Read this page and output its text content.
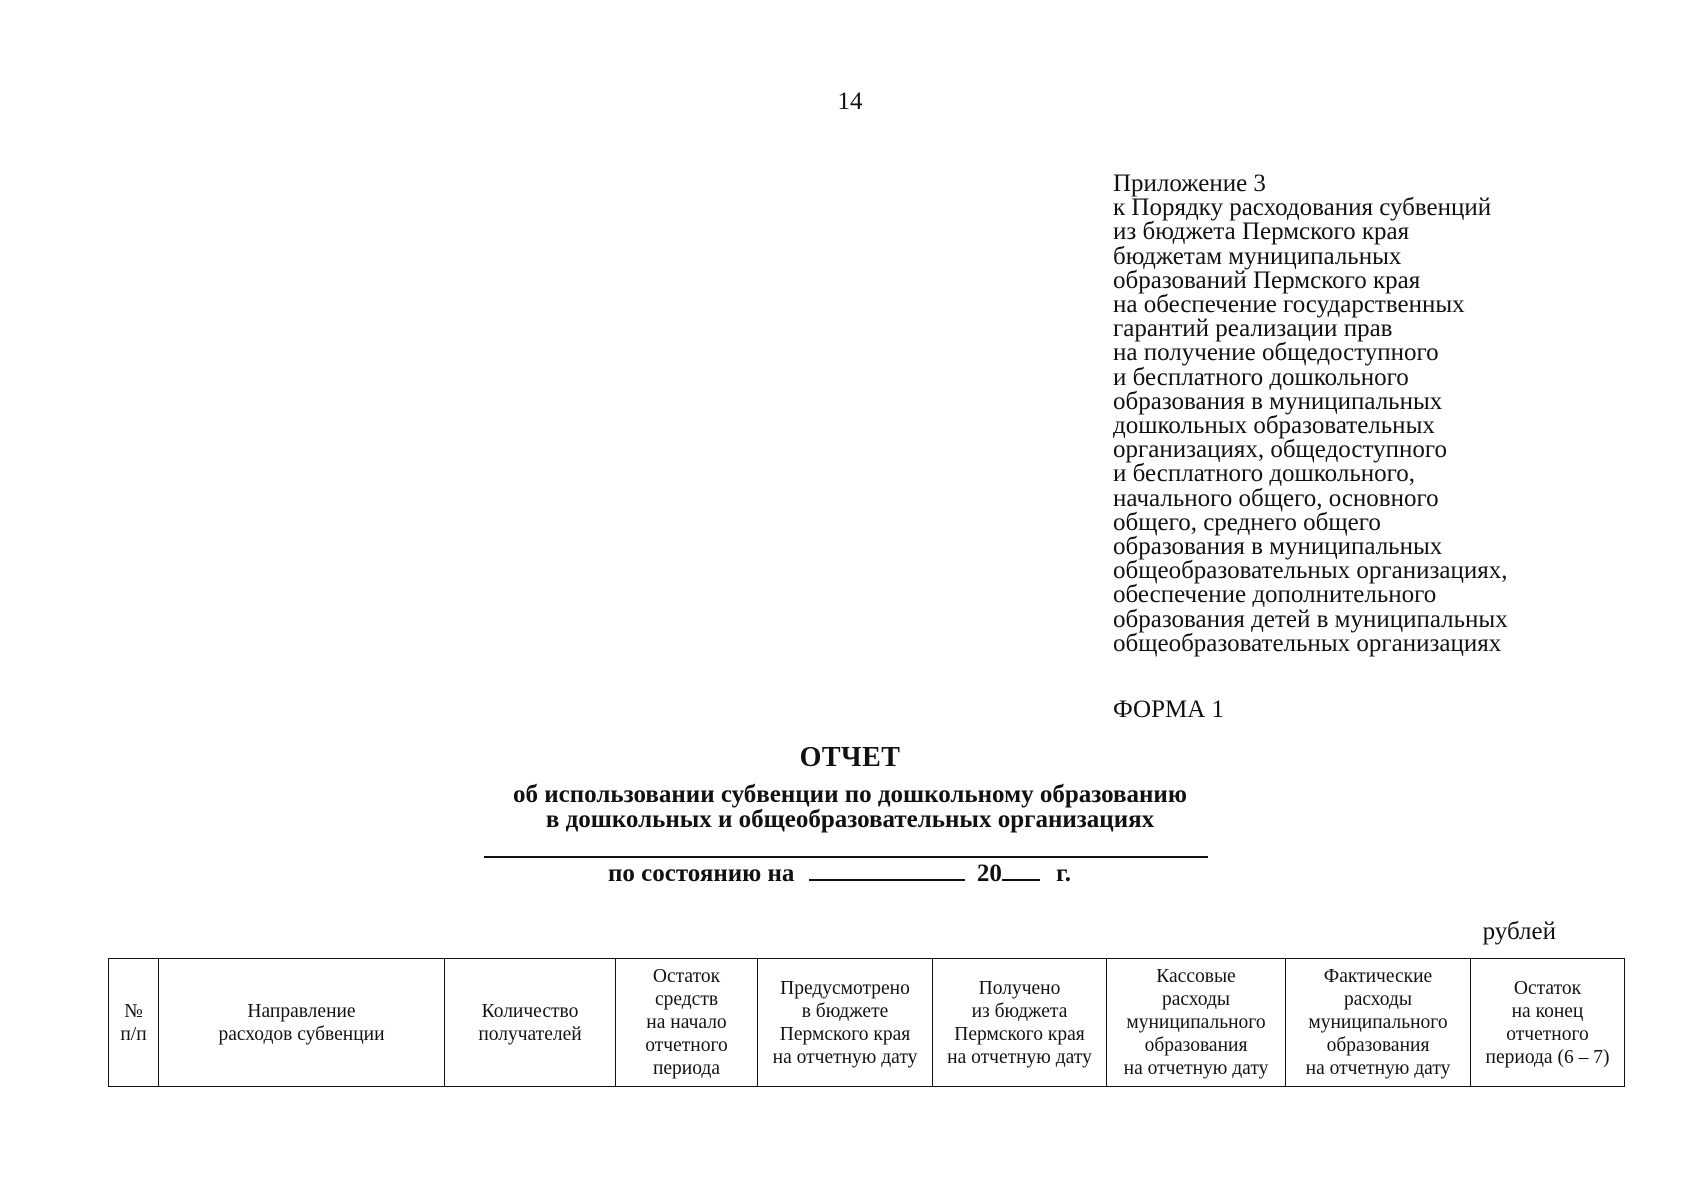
14
Приложение 3
к Порядку расходования субвенций
из бюджета Пермского края
бюджетам муниципальных
образований Пермского края
на обеспечение государственных
гарантий реализации прав
на получение общедоступного
и бесплатного дошкольного
образования в муниципальных
дошкольных образовательных
организациях, общедоступного
и бесплатного дошкольного,
начального общего, основного
общего, среднего общего
образования в муниципальных
общеобразовательных организациях,
обеспечение дополнительного
образования детей в муниципальных
общеобразовательных организациях
ФОРМА 1
ОТЧЕТ
об использовании субвенции по дошкольному образованию
в дошкольных и общеобразовательных организациях
по состоянию на	20 г.
рублей
№
п/п

Направление
расходов субвенции

Количество
получателей

Остаток
средств
на начало
отчетного
периода

Предусмотрено
в бюджете
Пермского края
на отчетную дату

Получено
из бюджета
Пермского края
на отчетную дату

Кассовые
расходы
муниципального
образования
на отчетную дату

Фактические
расходы
муниципального
образования
на отчетную дату

Остаток
на конец
отчетного
периода (6 – 7)
